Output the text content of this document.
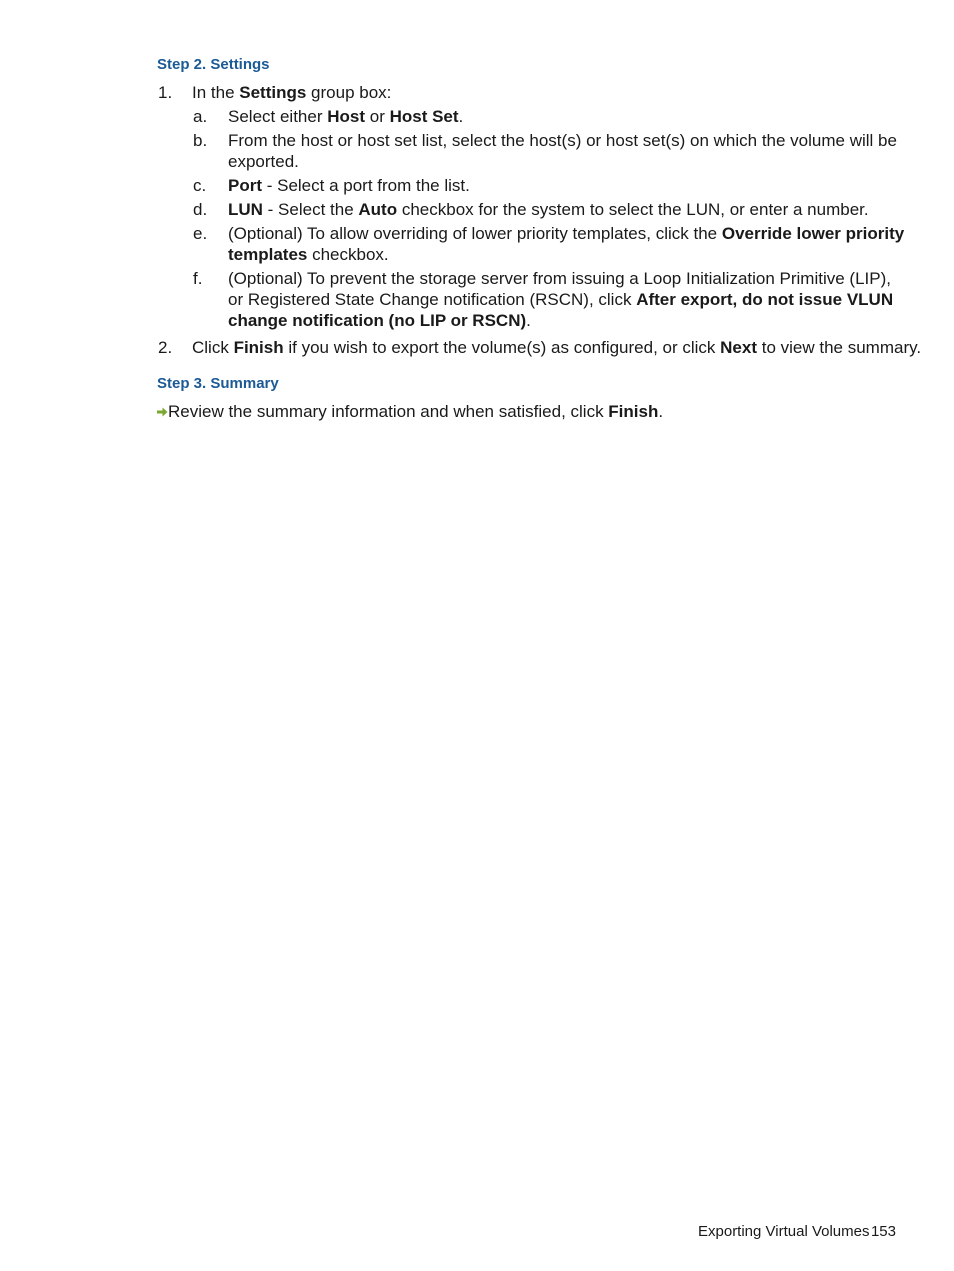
Step 2. Settings
1. In the Settings group box:
a. Select either Host or Host Set.
b. From the host or host set list, select the host(s) or host set(s) on which the volume will be
exported.
c. Port - Select a port from the list.
d. LUN - Select the Auto checkbox for the system to select the LUN, or enter a number.
e. (Optional) To allow overriding of lower priority templates, click the Override lower priority
templates checkbox.
f. (Optional) To prevent the storage server from issuing a Loop Initialization Primitive (LIP),
or Registered State Change notification (RSCN), click After export, do not issue VLUN
change notification (no LIP or RSCN).
2. Click Finish if you wish to export the volume(s) as configured, or click Next to view the summary.
Step 3. Summary
Review the summary information and when satisfied, click Finish.
Exporting Virtual Volumes 153
